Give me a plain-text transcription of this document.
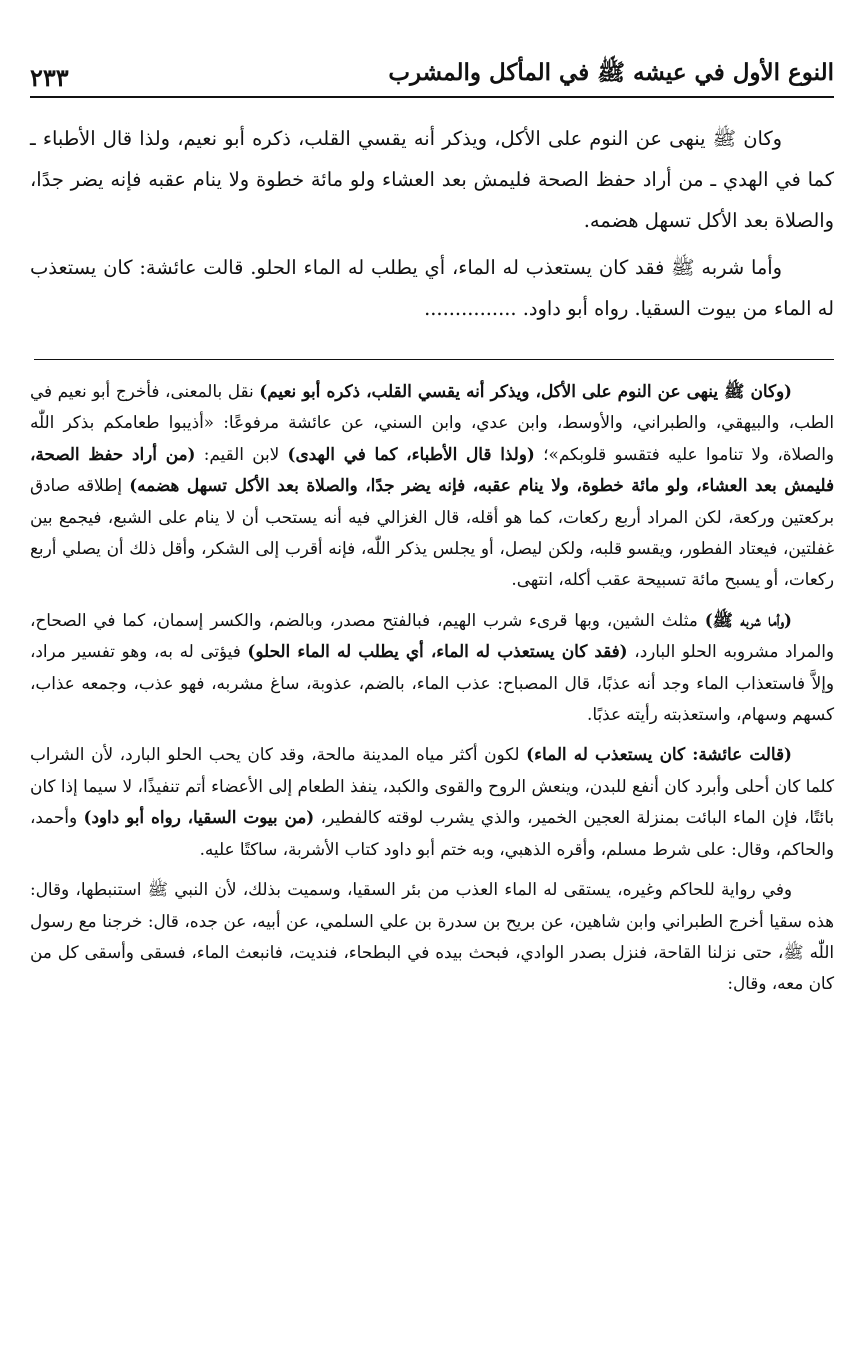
النوع الأول في عيشه ﷺ في المأكل والمشرب
٢٣٣

وكان ﷺ ينهى عن النوم على الأكل، ويذكر أنه يقسي القلب، ذكره أبو نعيم، ولذا قال الأطباء ـ كما في الهدي ـ من أراد حفظ الصحة فليمش بعد العشاء ولو مائة خطوة ولا ينام عقبه فإنه يضر جدًا، والصلاة بعد الأكل تسهل هضمه.

وأما شربه ﷺ فقد كان يستعذب له الماء، أي يطلب له الماء الحلو. قالت عائشة: كان يستعذب له الماء من بيوت السقيا. رواه أبو داود. ...............

(وكان ﷺ ينهى عن النوم على الأكل، ويذكر أنه يقسي القلب، ذكره أبو نعيم) نقل بالمعنى، فأخرج أبو نعيم في الطب، والبيهقي، والطبراني، والأوسط، وابن عدي، وابن السني، عن عائشة مرفوعًا: «أذيبوا طعامكم بذكر اللّٰه والصلاة، ولا تناموا عليه فتقسو قلوبكم»؛ (ولذا قال الأطباء، كما في الهدى) لابن القيم: (من أراد حفظ الصحة، فليمش بعد العشاء، ولو مائة خطوة، ولا ينام عقبه، فإنه يضر جدًا، والصلاة بعد الأكل تسهل هضمه) إطلاقه صادق بركعتين وركعة، لكن المراد أربع ركعات، كما هو أقله، قال الغزالي فيه أنه يستحب أن لا ينام على الشبع، فيجمع بين غفلتين، فيعتاد الفطور، ويقسو قلبه، ولكن ليصل، أو يجلس يذكر اللّٰه، فإنه أقرب إلى الشكر، وأقل ذلك أن يصلي أربع ركعات، أو يسبح مائة تسبيحة عقب أكله، انتهى.

(وأما شربه ﷺ) مثلث الشين، وبها قرىء شرب الهيم، فبالفتح مصدر، وبالضم، والكسر إسمان، كما في الصحاح، والمراد مشروبه الحلو البارد، (فقد كان يستعذب له الماء، أي يطلب له الماء الحلو) فيؤتى له به، وهو تفسير مراد، وإلاَّ فاستعذاب الماء وجد أنه عذبًا، قال المصباح: عذب الماء، بالضم، عذوبة، ساغ مشربه، فهو عذب، وجمعه عذاب، كسهم وسهام، واستعذبته رأيته عذبًا.

(قالت عائشة: كان يستعذب له الماء) لكون أكثر مياه المدينة مالحة، وقد كان يحب الحلو البارد، لأن الشراب كلما كان أحلى وأبرد كان أنفع للبدن، وينعش الروح والقوى والكبد، ينفذ الطعام إلى الأعضاء أتم تنفيذًا، لا سيما إذا كان بائتًا، فإن الماء البائت بمنزلة العجين الخمير، والذي يشرب لوقته كالفطير، (من بيوت السقيا، رواه أبو داود) وأحمد، والحاكم، وقال: على شرط مسلم، وأقره الذهبي، وبه ختم أبو داود كتاب الأشربة، ساكتًا عليه.

وفي رواية للحاكم وغيره، يستقى له الماء العذب من بئر السقيا، وسميت بذلك، لأن النبي ﷺ استنبطها، وقال: هذه سقيا أخرج الطبراني وابن شاهين، عن بريح بن سدرة بن علي السلمي، عن أبيه، عن جده، قال: خرجنا مع رسول اللّٰه ﷺ، حتى نزلنا القاحة، فنزل بصدر الوادي، فبحث بيده في البطحاء، فنديت، فانبعث الماء، فسقى وأسقى كل من كان معه، وقال:
